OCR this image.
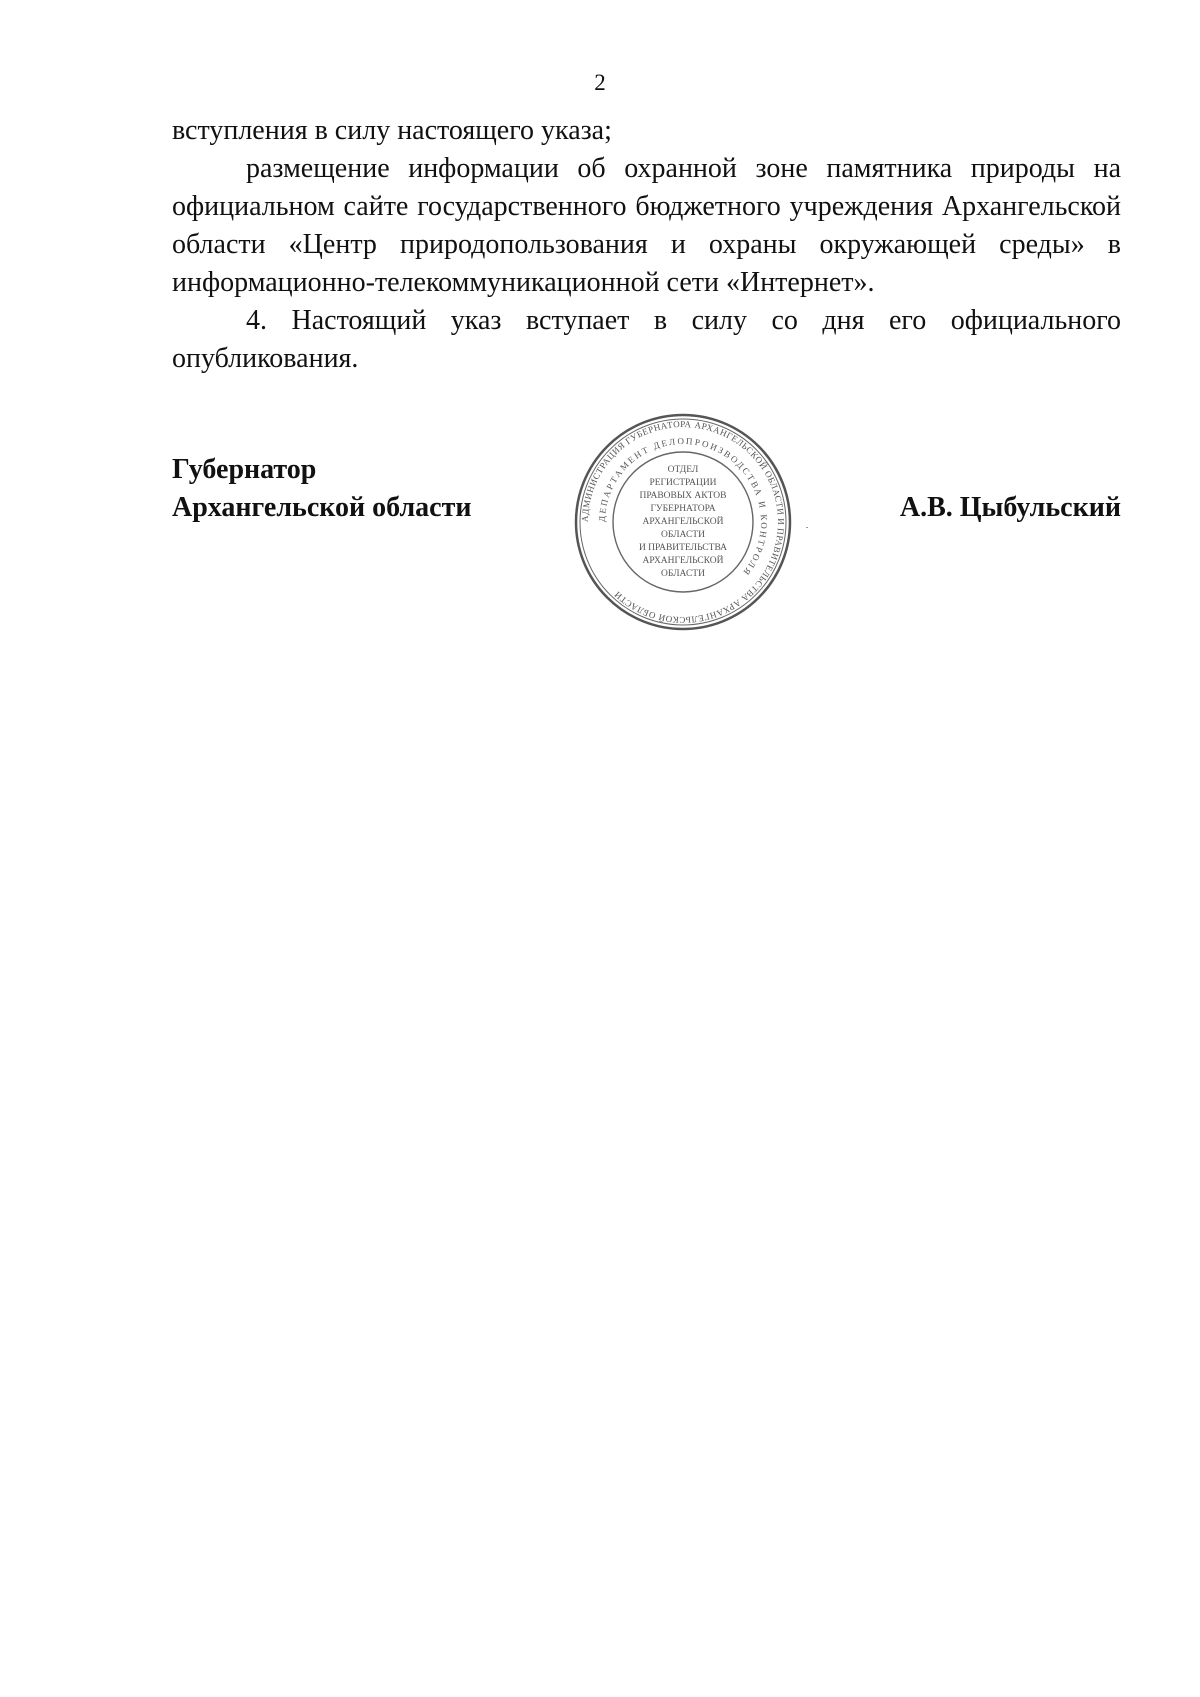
2

вступления в силу настоящего указа;

размещение информации об охранной зоне памятника природы на официальном сайте государственного бюджетного учреждения Архангельской области «Центр природопользования и охраны окружающей среды» в информационно-телекоммуникационной сети «Интернет».

4. Настоящий указ вступает в силу со дня его официального опубликования.

Губернатор
Архангельской области	А.В. Цыбульский
АДМИНИСТРАЦИЯ ГУБЕРНАТОРА АРХАНГЕЛЬСКОЙ ОБЛАСТИ И ПРАВИТЕЛЬСТВА АРХАНГЕЛЬСКОЙ ОБЛАСТИ
ДЕПАРТАМЕНТ ДЕЛОПРОИЗВОДСТВА И КОНТРОЛЯ
ОТДЕЛ
РЕГИСТРАЦИИ
ПРАВОВЫХ АКТОВ
ГУБЕРНАТОРА
АРХАНГЕЛЬСКОЙ
ОБЛАСТИ
И ПРАВИТЕЛЬСТВА
АРХАНГЕЛЬСКОЙ
ОБЛАСТИ
